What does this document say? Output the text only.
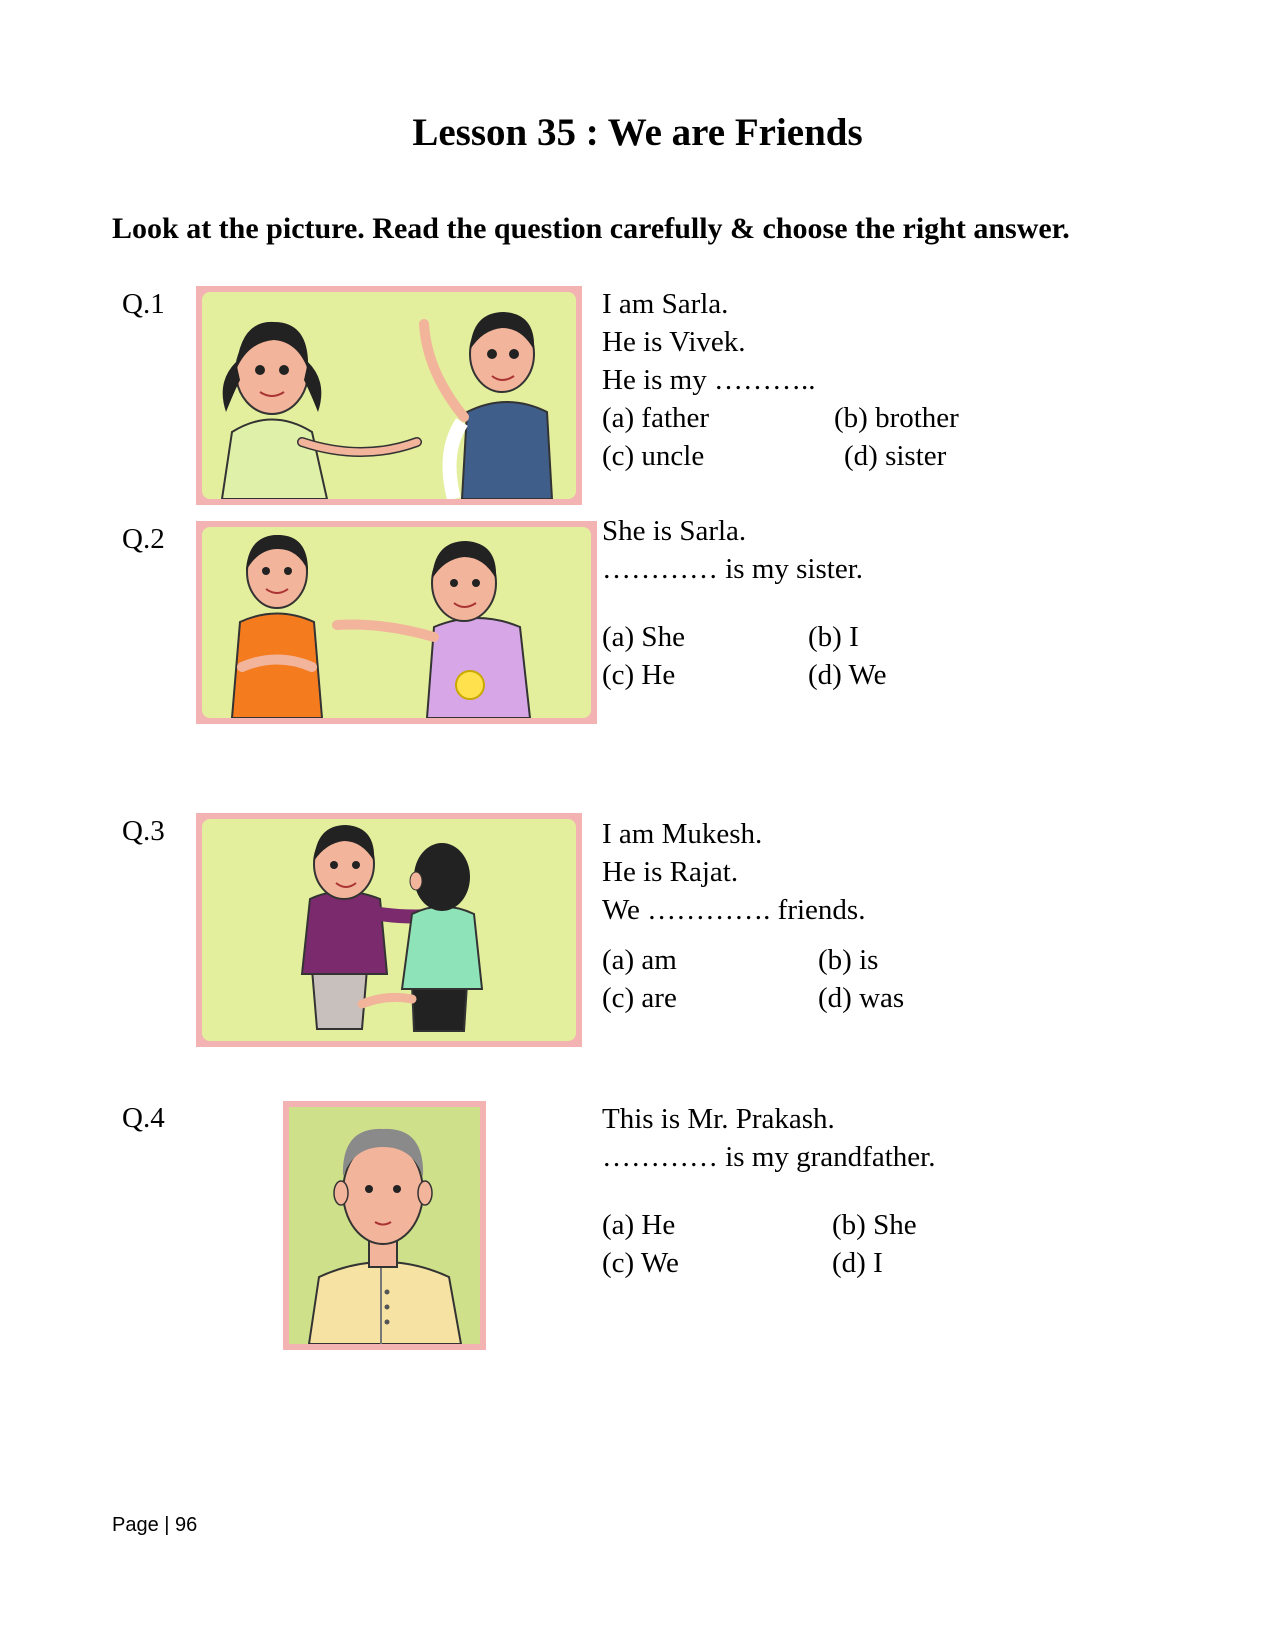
Lesson 35 : We are Friends

Look at the picture. Read the question carefully & choose the right answer.

Q.1	I am Sarla.
He is Vivek.
He is my ………..
(a) father	(b) brother
(c) uncle	(d) sister
Q.2	She is Sarla.
………… is my sister.
(a) She	(b) I
(c) He	(d) We
Q.3	I am Mukesh.
He is Rajat.
We …………. friends.
(a) am	(b) is
(c) are	(d) was
Q.4	This is Mr. Prakash.
………… is my grandfather.
(a) He	(b) She
(c) We	(d) I
Page | 96
